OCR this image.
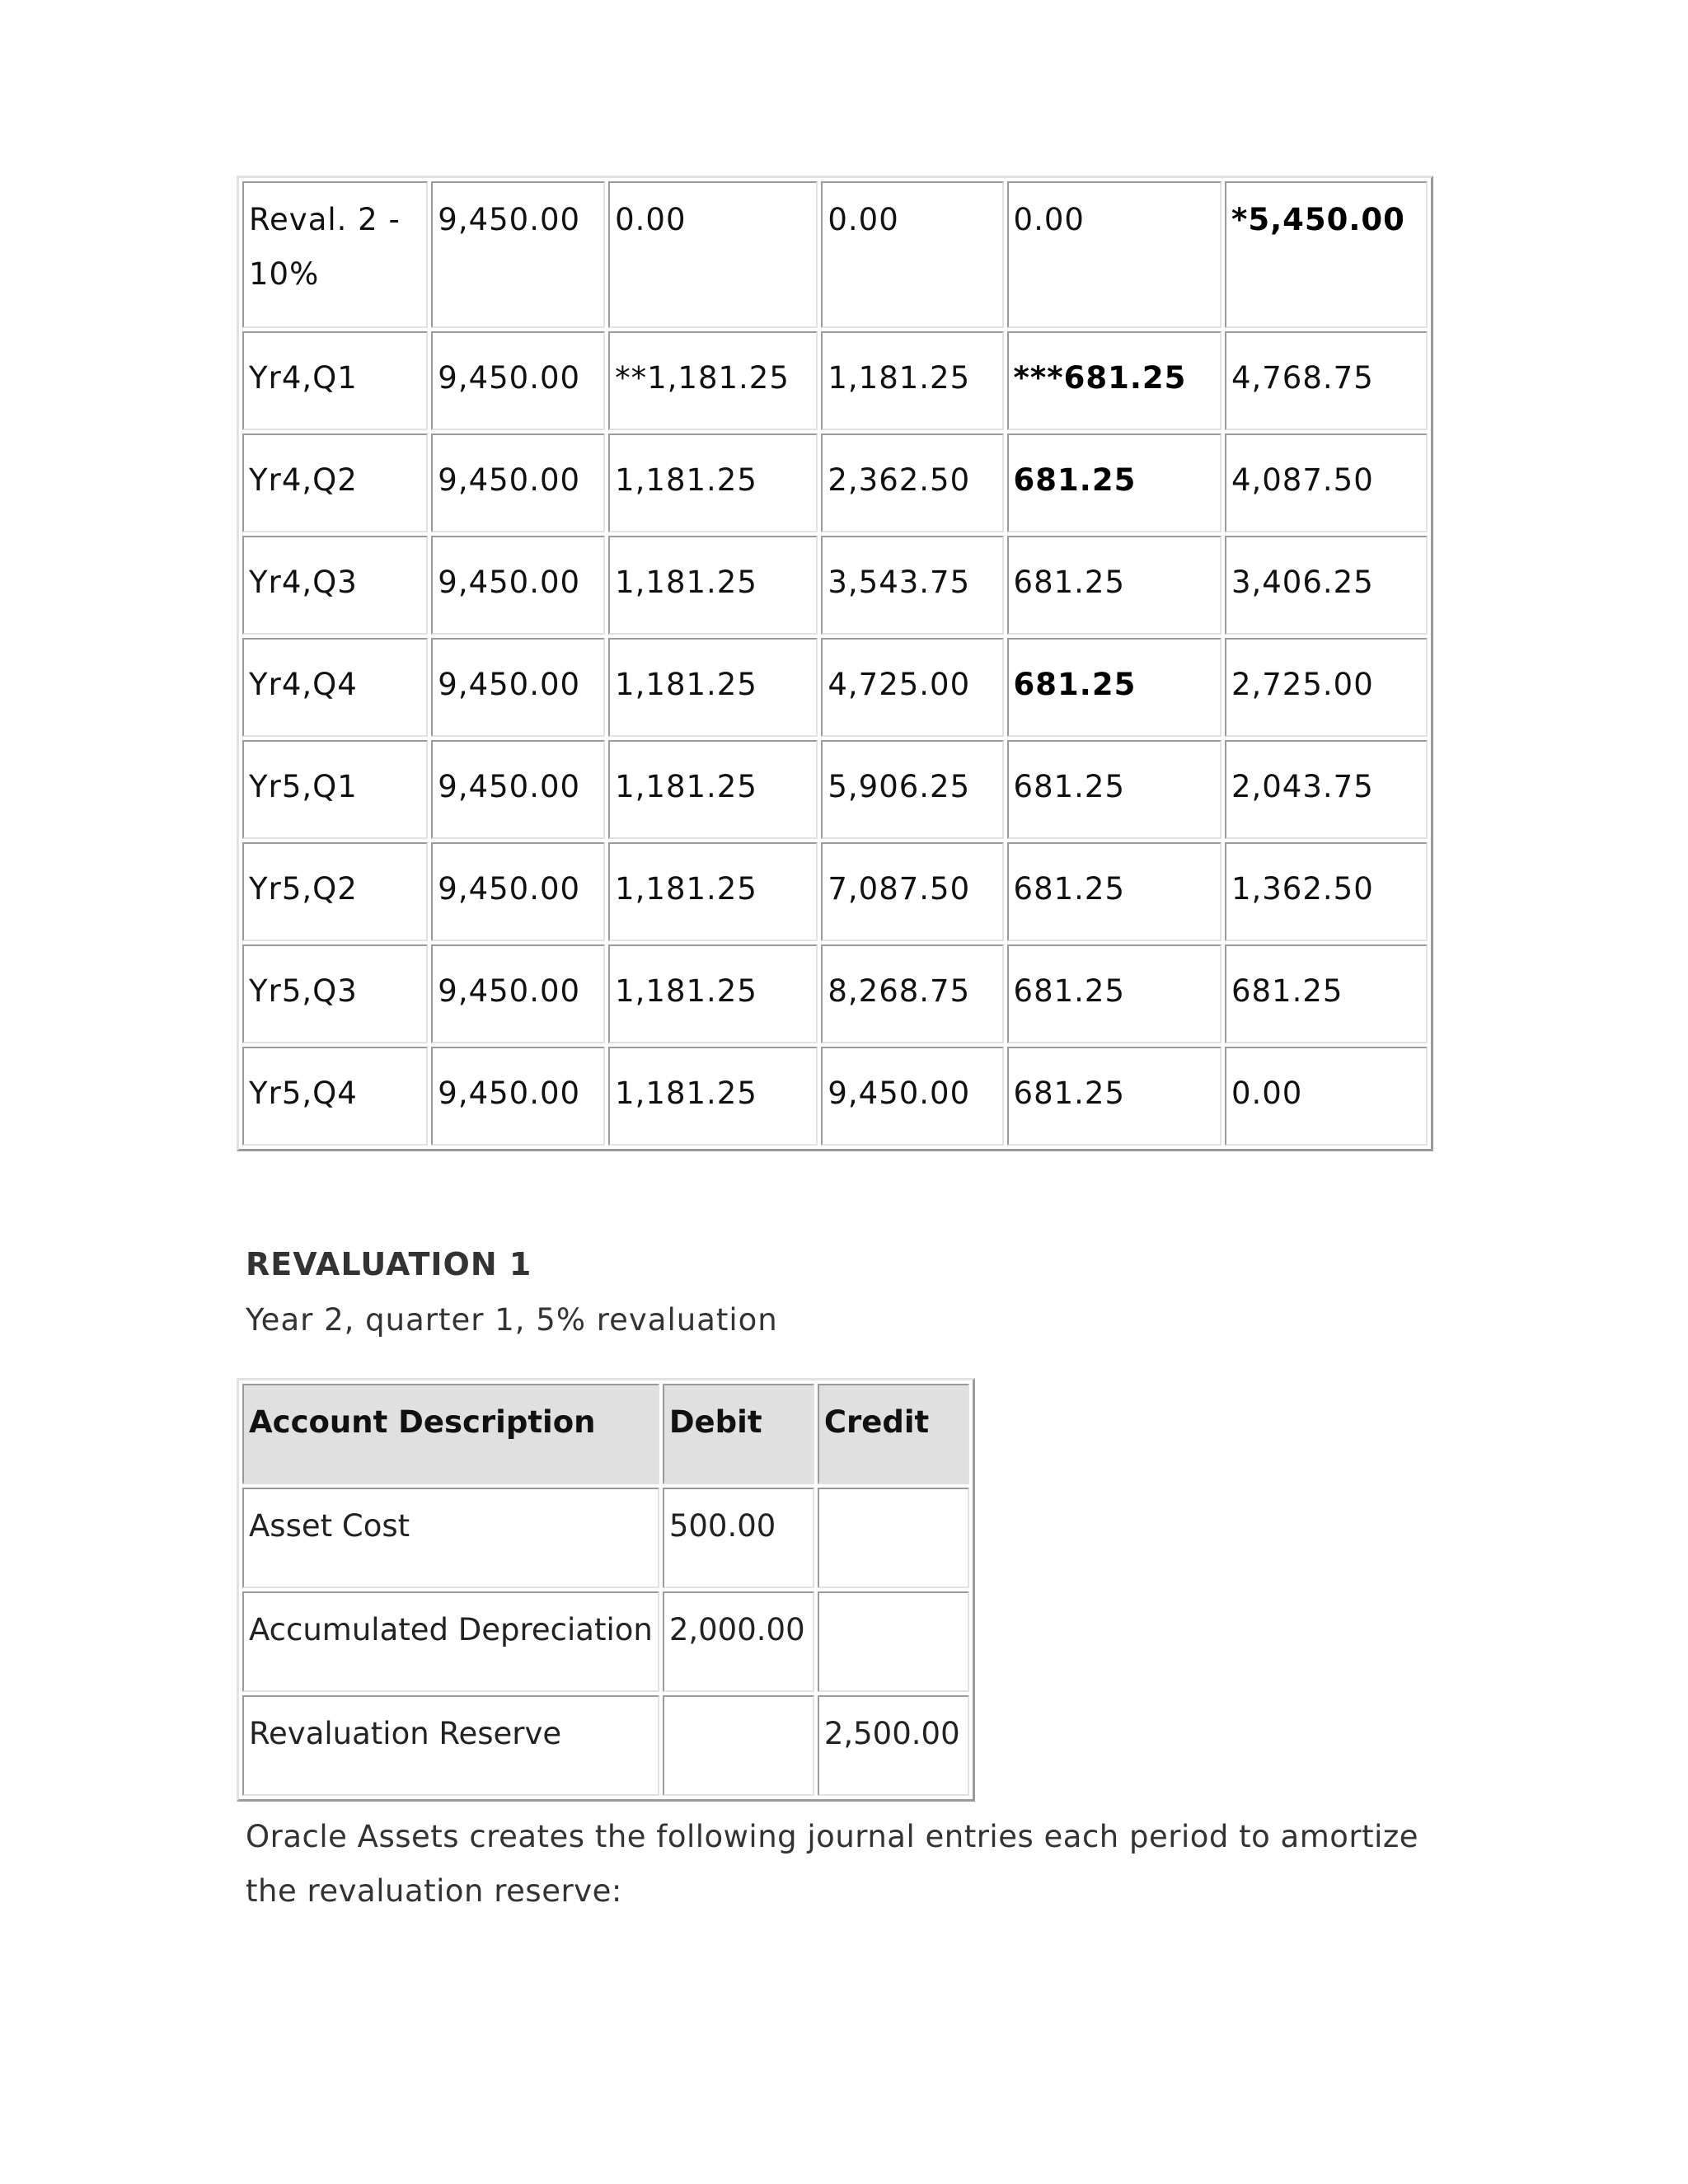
Reval. 2 - 10%	9,450.00	0.00	0.00	0.00	*5,450.00
Yr4,Q1	9,450.00	**1,181.25	1,181.25	***681.25	4,768.75
Yr4,Q2	9,450.00	1,181.25	2,362.50	681.25	4,087.50
Yr4,Q3	9,450.00	1,181.25	3,543.75	681.25	3,406.25
Yr4,Q4	9,450.00	1,181.25	4,725.00	681.25	2,725.00
Yr5,Q1	9,450.00	1,181.25	5,906.25	681.25	2,043.75
Yr5,Q2	9,450.00	1,181.25	7,087.50	681.25	1,362.50
Yr5,Q3	9,450.00	1,181.25	8,268.75	681.25	681.25
Yr5,Q4	9,450.00	1,181.25	9,450.00	681.25	0.00

REVALUATION 1

Year 2, quarter 1, 5% revaluation

Account Description	Debit	Credit
Asset Cost	500.00	
Accumulated Depreciation	2,000.00	
Revaluation Reserve		2,500.00

Oracle Assets creates the following journal entries each period to amortize the revaluation reserve:
